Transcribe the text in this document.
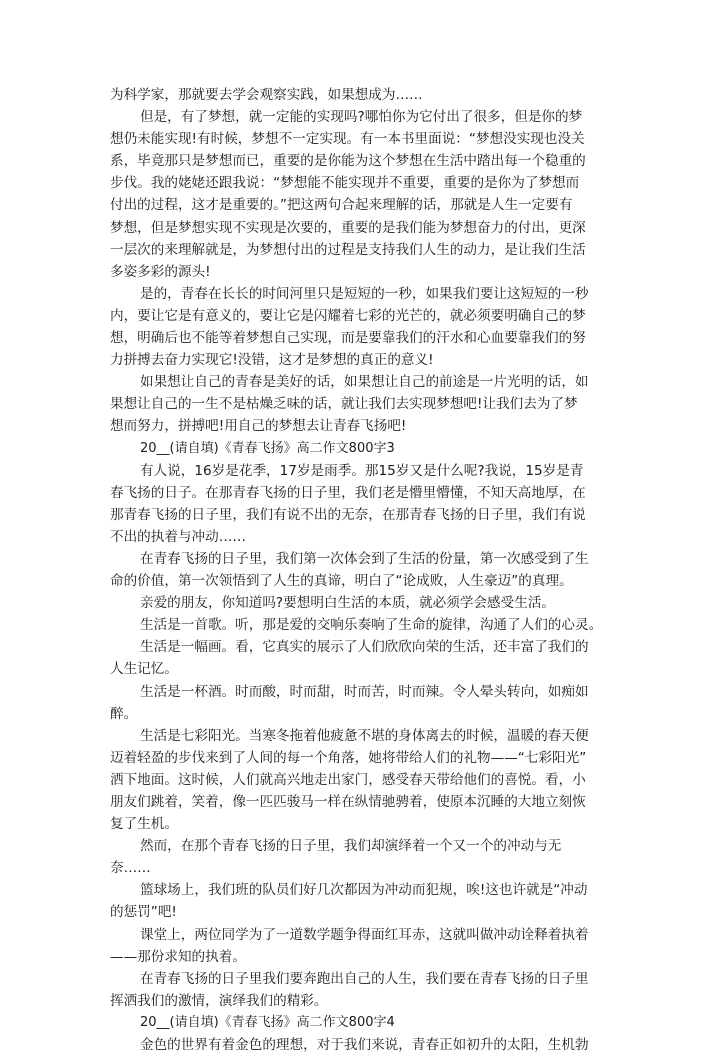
为科学家，那就要去学会观察实践，如果想成为……
但是，有了梦想，就一定能的实现吗?哪怕你为它付出了很多，但是你的梦
想仍未能实现!有时候，梦想不一定实现。有一本书里面说：“梦想没实现也没关
系，毕竟那只是梦想而已，重要的是你能为这个梦想在生活中踏出每一个稳重的
步伐。我的姥姥还跟我说：“梦想能不能实现并不重要，重要的是你为了梦想而
付出的过程，这才是重要的。”把这两句合起来理解的话，那就是人生一定要有
梦想，但是梦想实现不实现是次要的，重要的是我们能为梦想奋力的付出，更深
一层次的来理解就是，为梦想付出的过程是支持我们人生的动力，是让我们生活
多姿多彩的源头!
是的，青春在长长的时间河里只是短短的一秒，如果我们要让这短短的一秒
内，要让它是有意义的，要让它是闪耀着七彩的光芒的，就必须要明确自己的梦
想，明确后也不能等着梦想自己实现，而是要靠我们的汗水和心血要靠我们的努
力拼搏去奋力实现它!没错，这才是梦想的真正的意义!
如果想让自己的青春是美好的话，如果想让自己的前途是一片光明的话，如
果想让自己的一生不是枯燥乏味的话，就让我们去实现梦想吧!让我们去为了梦
想而努力，拼搏吧!用自己的梦想去让青春飞扬吧!
20__(请自填)《青春飞扬》高二作文800字3
有人说，16岁是花季，17岁是雨季。那15岁又是什么呢?我说，15岁是青
春飞扬的日子。在那青春飞扬的日子里，我们老是懵里懵懂，不知天高地厚，在
那青春飞扬的日子里，我们有说不出的无奈，在那青春飞扬的日子里，我们有说
不出的执着与冲动……
在青春飞扬的日子里，我们第一次体会到了生活的份量，第一次感受到了生
命的价值，第一次领悟到了人生的真谛，明白了“论成败，人生豪迈”的真理。
亲爱的朋友，你知道吗?要想明白生活的本质，就必须学会感受生活。
生活是一首歌。听，那是爱的交响乐奏响了生命的旋律，沟通了人们的心灵。
生活是一幅画。看，它真实的展示了人们欣欣向荣的生活，还丰富了我们的
人生记忆。
生活是一杯酒。时而酸，时而甜，时而苦，时而辣。令人晕头转向，如痴如
醉。
生活是七彩阳光。当寒冬拖着他疲惫不堪的身体离去的时候，温暖的春天便
迈着轻盈的步伐来到了人间的每一个角落，她将带给人们的礼物——“七彩阳光”
洒下地面。这时候，人们就高兴地走出家门，感受春天带给他们的喜悦。看，小
朋友们跳着，笑着，像一匹匹骏马一样在纵情驰骋着，使原本沉睡的大地立刻恢
复了生机。
然而，在那个青春飞扬的日子里，我们却演绎着一个又一个的冲动与无
奈……
篮球场上，我们班的队员们好几次都因为冲动而犯规，唉!这也许就是“冲动
的惩罚”吧!
课堂上，两位同学为了一道数学题争得面红耳赤，这就叫做冲动诠释着执着
——那份求知的执着。
在青春飞扬的日子里我们要奔跑出自己的人生，我们要在青春飞扬的日子里
挥洒我们的激情，演绎我们的精彩。
20__(请自填)《青春飞扬》高二作文800字4
金色的世界有着金色的理想，对于我们来说，青春正如初升的太阳，生机勃
